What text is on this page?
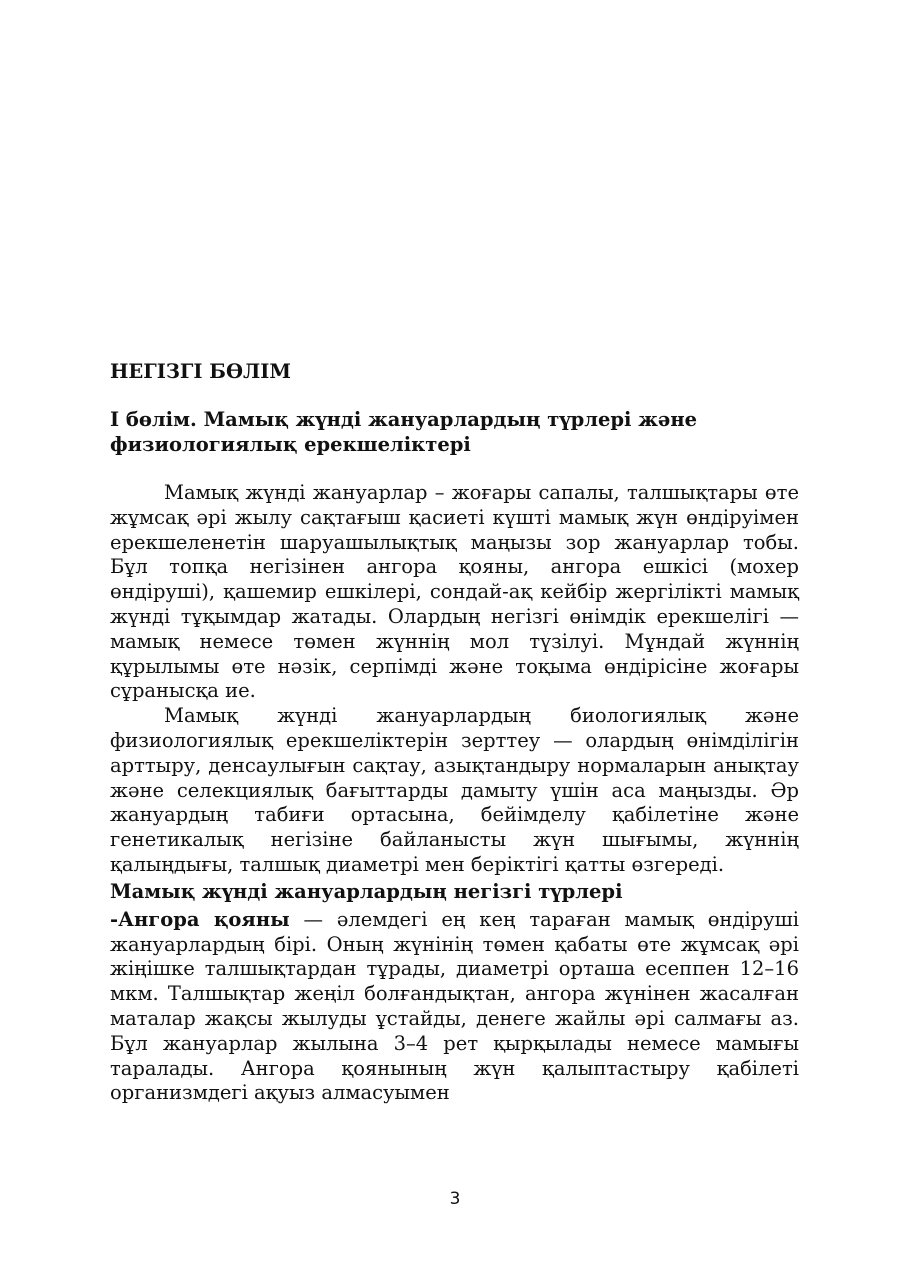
НЕГІЗГІ БӨЛІМ
I бөлім. Мамық жүнді жануарлардың түрлері және
физиологиялық ерекшеліктері

Мамық жүнді жануарлар – жоғары сапалы, талшықтары өте жұмсақ әрі жылу сақтағыш қасиеті күшті мамық жүн өндіруімен ерекшеленетін шаруашылықтық маңызы зор жануарлар тобы. Бұл топқа негізінен ангора қояны, ангора ешкісі (мохер өндіруші), қашемир ешкілері, сондай-ақ кейбір жергілікті мамық жүнді тұқымдар жатады. Олардың негізгі өнімдік ерекшелігі — мамық немесе төмен жүннің мол түзілуі. Мұндай жүннің құрылымы өте нәзік, серпімді және тоқыма өндірісіне жоғары сұранысқа ие.

Мамық жүнді жануарлардың биологиялық және физиологиялық ерекшеліктерін зерттеу — олардың өнімділігін арттыру, денсаулығын сақтау, азықтандыру нормаларын анықтау және селекциялық бағыттарды дамыту үшін аса маңызды. Әр жануардың табиғи ортасына, бейімделу қабілетіне және генетикалық негізіне байланысты жүн шығымы, жүннің қалыңдығы, талшық диаметрі мен беріктігі қатты өзгереді.

Мамық жүнді жануарлардың негізгі түрлері

-Ангора қояны — әлемдегі ең кең тараған мамық өндіруші жануарлардың бірі. Оның жүнінің төмен қабаты өте жұмсақ әрі жіңішке талшықтардан тұрады, диаметрі орташа есеппен 12–16 мкм. Талшықтар жеңіл болғандықтан, ангора жүнінен жасалған маталар жақсы жылуды ұстайды, денеге жайлы әрі салмағы аз. Бұл жануарлар жылына 3–4 рет қырқылады немесе мамығы таралады. Ангора қоянының жүн қалыптастыру қабілеті организмдегі ақуыз алмасуымен

3
